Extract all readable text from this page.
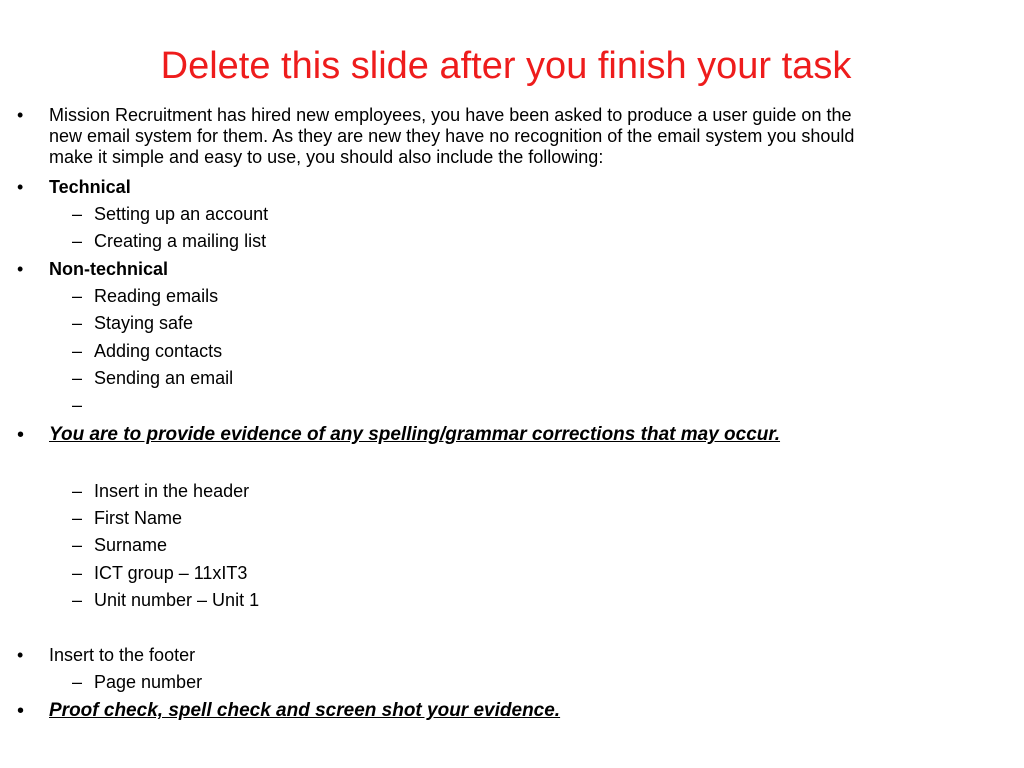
Delete this slide after you finish your task
•	Mission Recruitment has hired new employees, you have been asked to produce a user guide on the
new email system for them. As they are new they have no recognition of the email system you should
make it simple and easy to use, you should also include the following:
•	Technical
– Setting up an account
– Creating a mailing list
•	Non-technical
– Reading emails
– Staying safe
– Adding contacts
– Sending an email
–
•	You are to provide evidence of any spelling/grammar corrections that may occur.
– Insert in the header
– First Name
– Surname
– ICT group – 11xIT3
– Unit number – Unit 1
•	Insert to the footer
– Page number
•	Proof check, spell check and screen shot your evidence.
